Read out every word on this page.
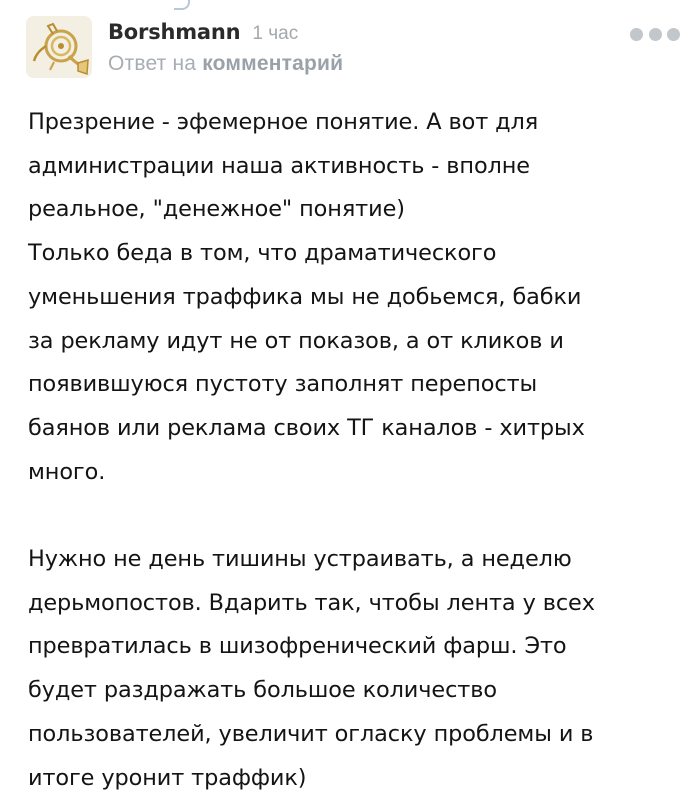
Borshmann 1 час
Ответ на комментарий

Презрение - эфемерное понятие. А вот для
администрации наша активность - вполне
реальное, "денежное" понятие)
Только беда в том, что драматического
уменьшения траффика мы не добьемся, бабки
за рекламу идут не от показов, а от кликов и
появившуюся пустоту заполнят перепосты
баянов или реклама своих ТГ каналов - хитрых
много.

Нужно не день тишины устраивать, а неделю
дерьмопостов. Вдарить так, чтобы лента у всех
превратилась в шизофренический фарш. Это
будет раздражать большое количество
пользователей, увеличит огласку проблемы и в
итоге уронит траффик)
